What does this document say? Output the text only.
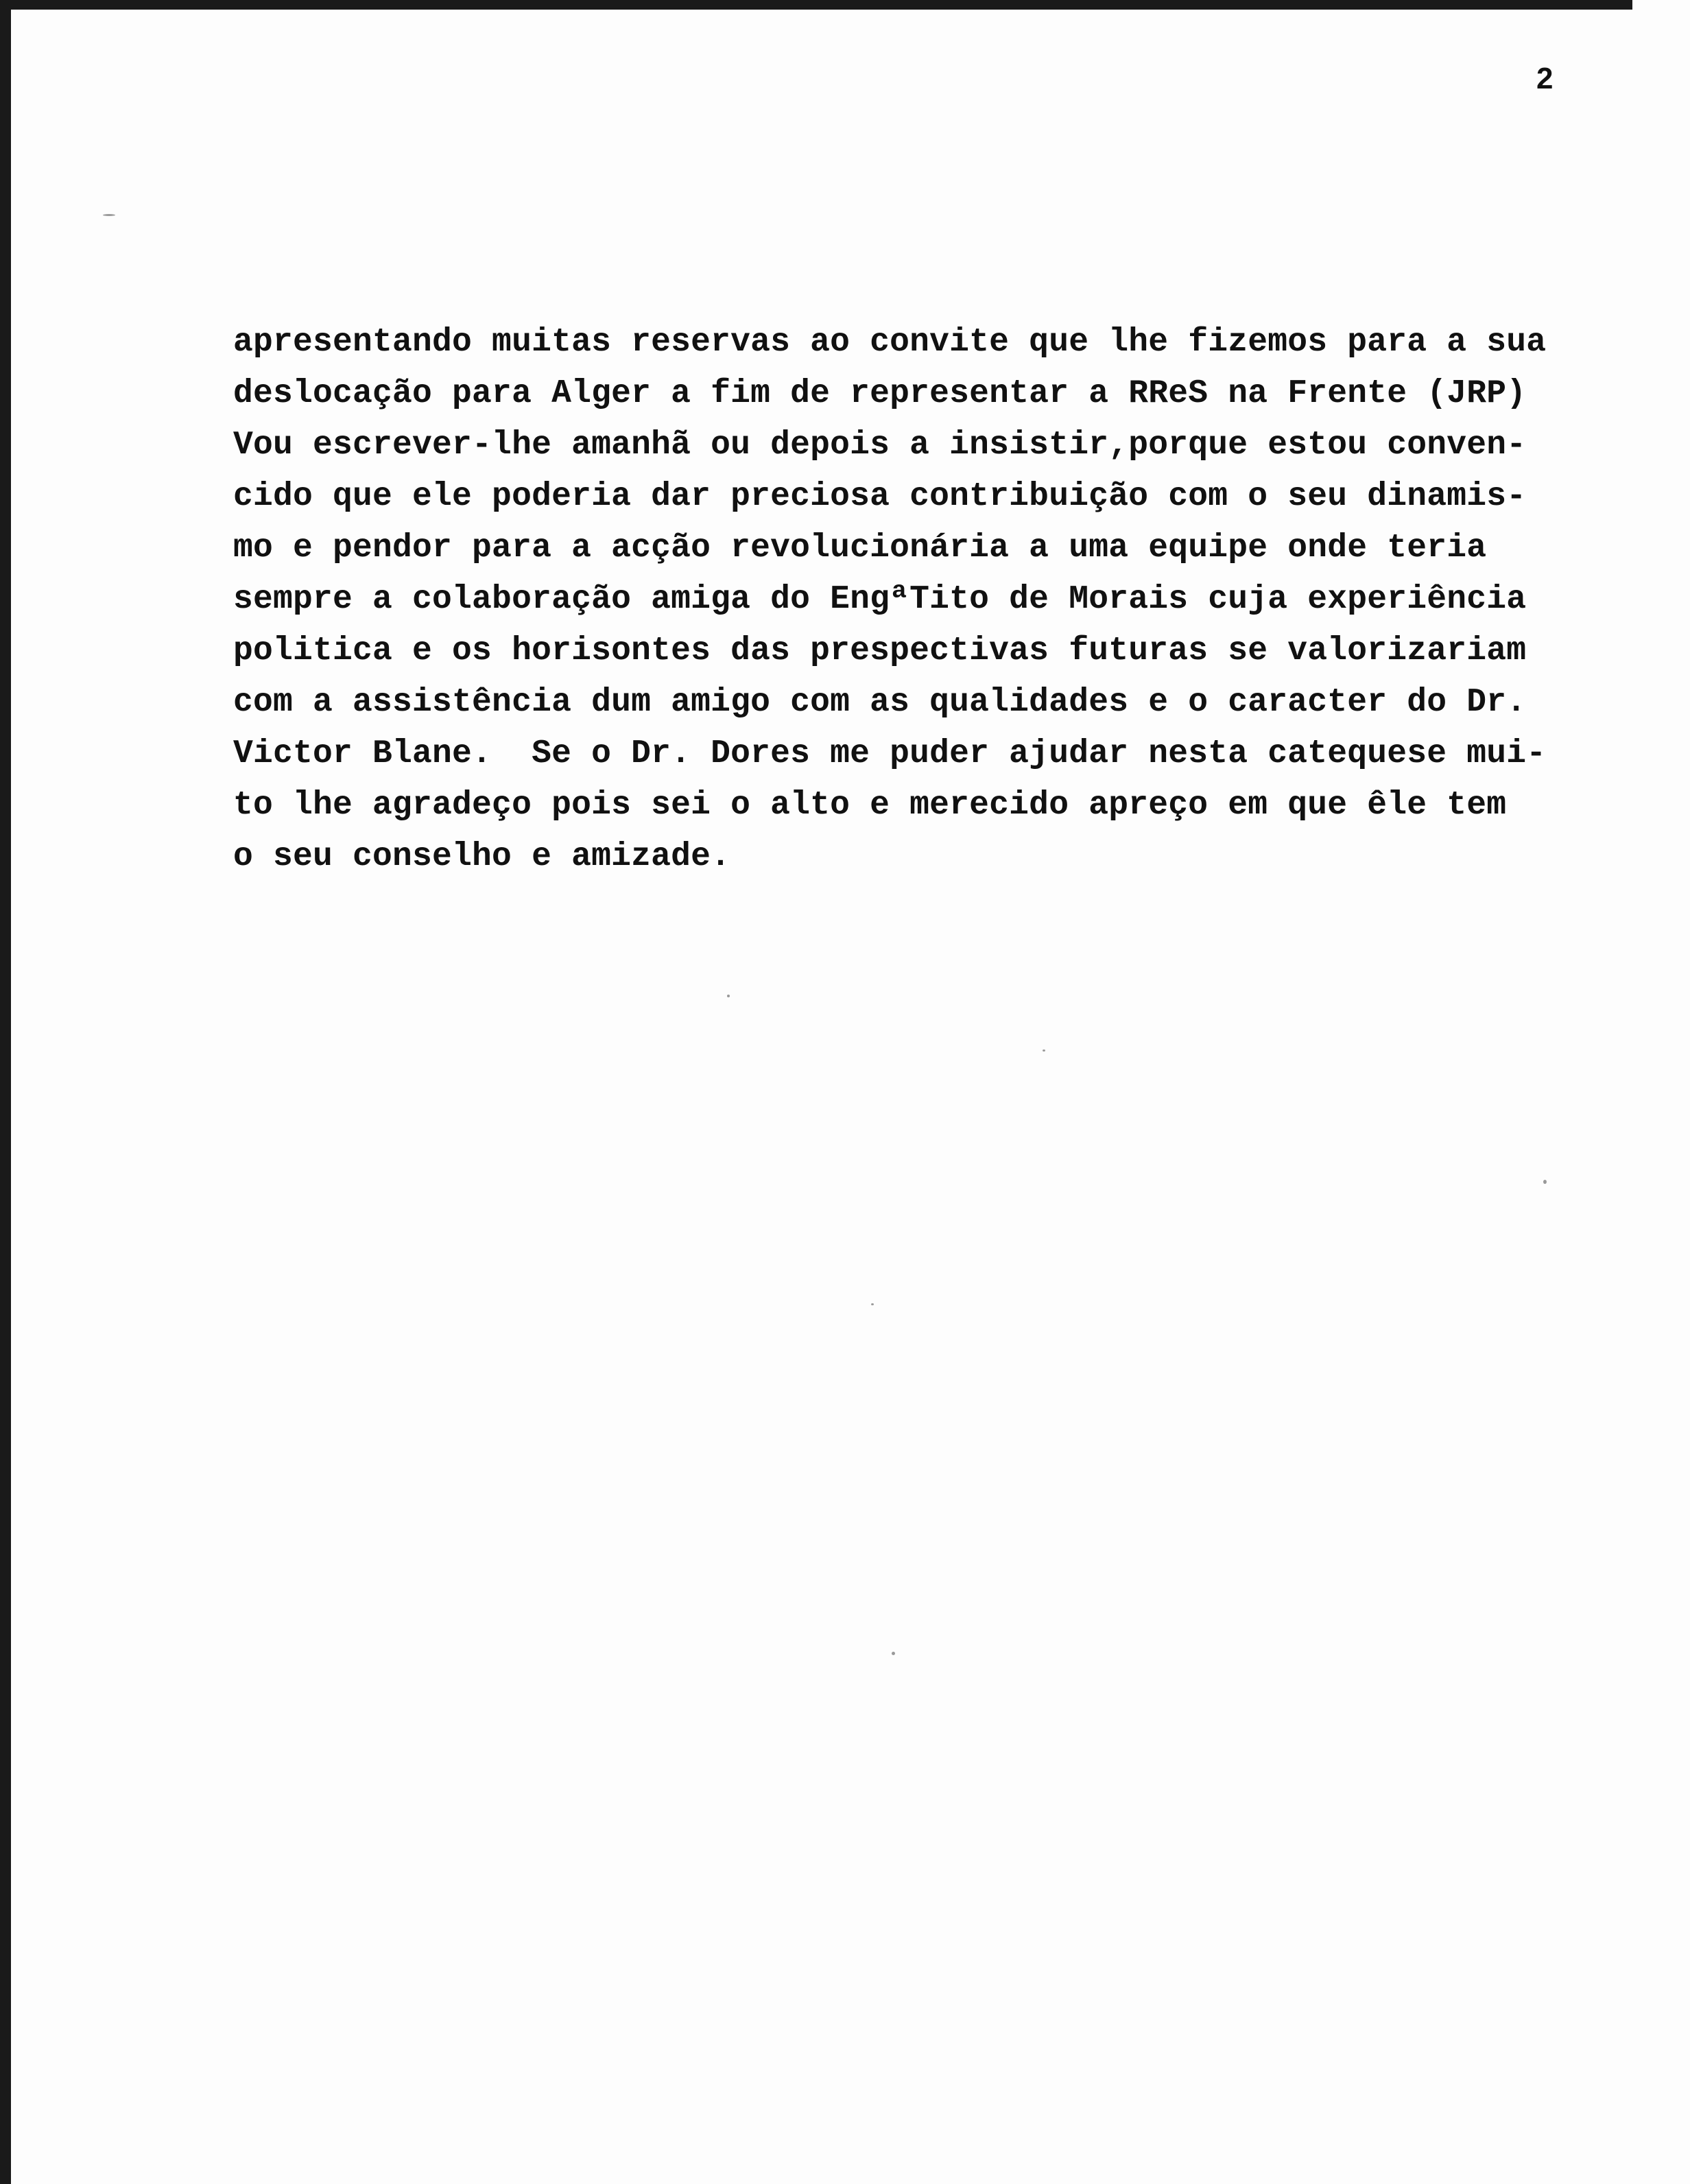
2
apresentando muitas reservas ao convite que lhe fizemos para a sua
deslocação para Alger a fim de representar a RReS na Frente (JRP)
Vou escrever-lhe amanhã ou depois a insistir,porque estou conven-
cido que ele poderia dar preciosa contribuição com o seu dinamis-
mo e pendor para a acção revolucionária a uma equipe onde teria
sempre a colaboração amiga do EngªTito de Morais cuja experiência
politica e os horisontes das prespectivas futuras se valorizariam
com a assistência dum amigo com as qualidades e o caracter do Dr.
Victor Blane.  Se o Dr. Dores me puder ajudar nesta catequese mui-
to lhe agradeço pois sei o alto e merecido apreço em que êle tem
o seu conselho e amizade.
